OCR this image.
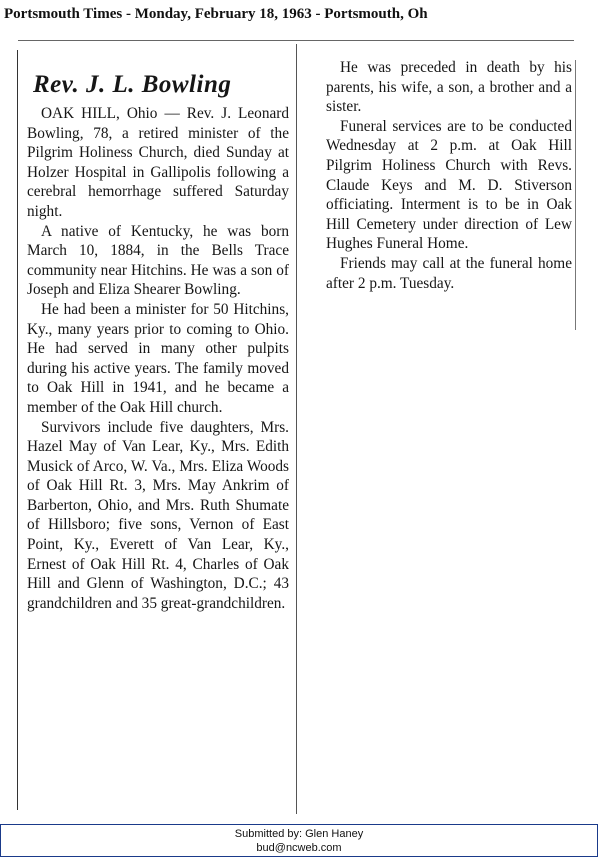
Portsmouth Times - Monday, February 18, 1963 - Portsmouth, Oh
Rev. J. L. Bowling

OAK HILL, Ohio — Rev. J. Leonard Bowling, 78, a retired minister of the Pilgrim Holiness Church, died Sunday at Holzer Hospital in Gallipolis following a cerebral hemorrhage suffered Saturday night.

A native of Kentucky, he was born March 10, 1884, in the Bells Trace community near Hitchins. He was a son of Joseph and Eliza Shearer Bowling.

He had been a minister for 50 Hitchins, Ky., many years prior to coming to Ohio. He had served in many other pulpits during his active years. The family moved to Oak Hill in 1941, and he became a member of the Oak Hill church.

Survivors include five daughters, Mrs. Hazel May of Van Lear, Ky., Mrs. Edith Musick of Arco, W. Va., Mrs. Eliza Woods of Oak Hill Rt. 3, Mrs. May Ankrim of Barberton, Ohio, and Mrs. Ruth Shumate of Hillsboro; five sons, Vernon of East Point, Ky., Everett of Van Lear, Ky., Ernest of Oak Hill Rt. 4, Charles of Oak Hill and Glenn of Washington, D.C.; 43 grandchildren and 35 great-grandchildren.

He was preceded in death by his parents, his wife, a son, a brother and a sister.

Funeral services are to be conducted Wednesday at 2 p.m. at Oak Hill Pilgrim Holiness Church with Revs. Claude Keys and M. D. Stiverson officiating. Interment is to be in Oak Hill Cemetery under direction of Lew Hughes Funeral Home.

Friends may call at the funeral home after 2 p.m. Tuesday.

Submitted by: Glen Haney
bud@ncweb.com
